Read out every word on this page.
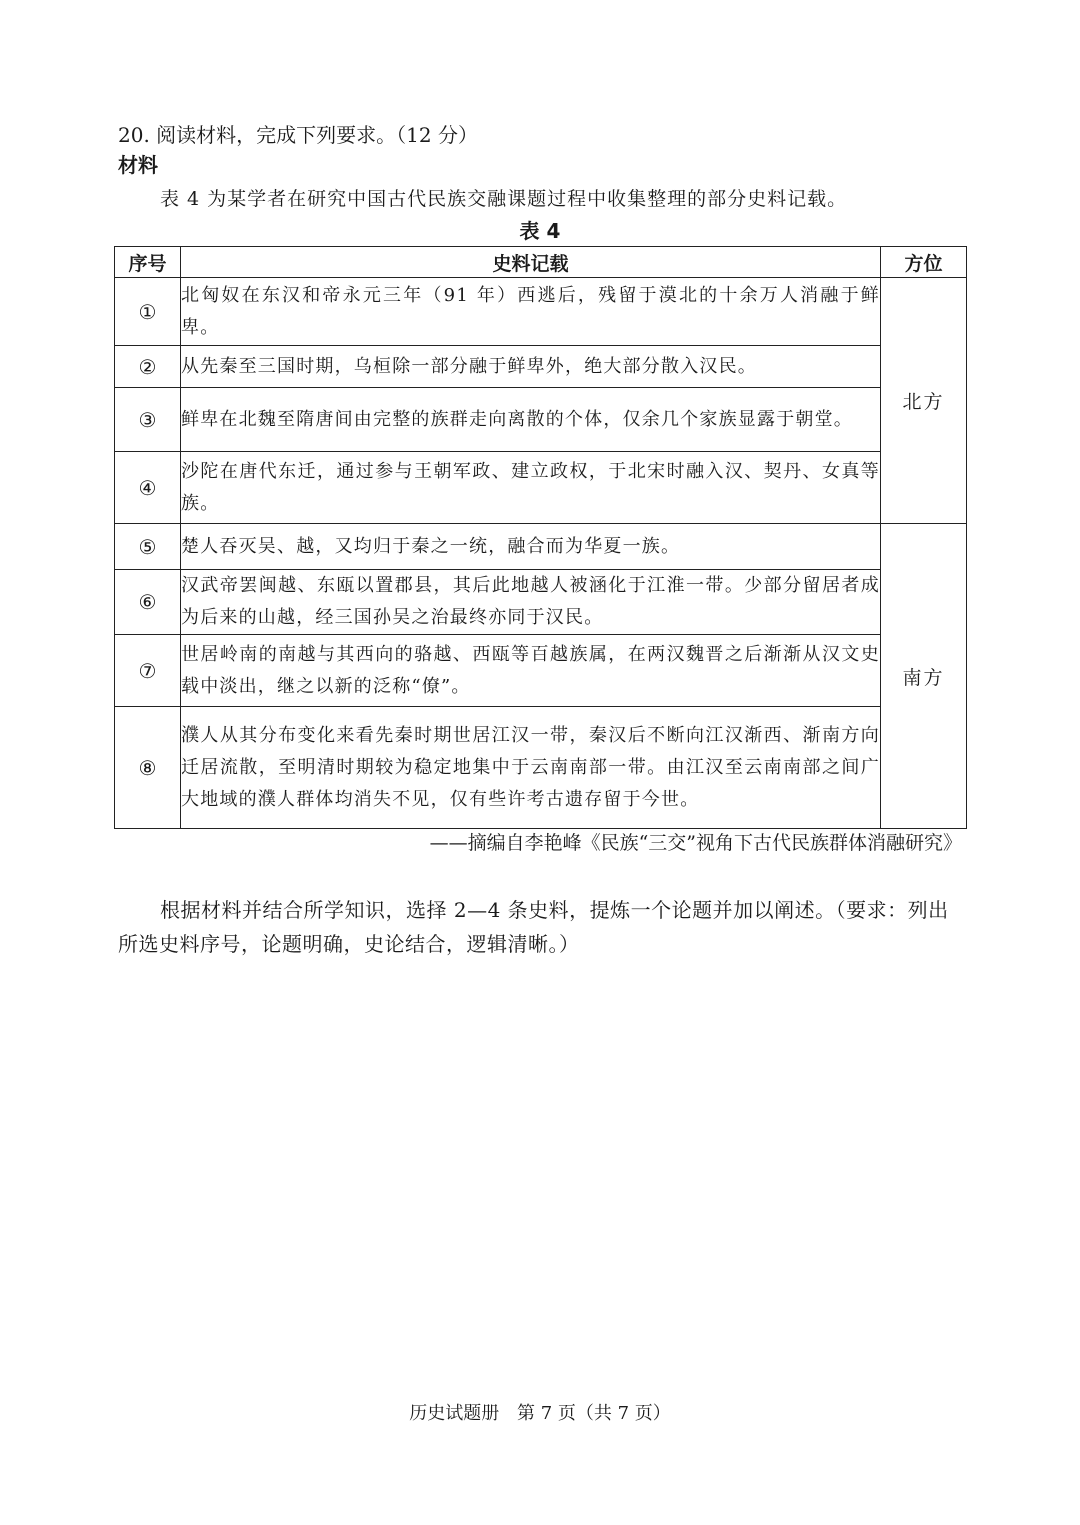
20. 阅读材料，完成下列要求。（12 分）
材料
表 4 为某学者在研究中国古代民族交融课题过程中收集整理的部分史料记载。
表 4
序号	史料记载	方位
①	北匈奴在东汉和帝永元三年（91 年）西逃后，残留于漠北的十余万人消融于鲜卑。	北方
②	从先秦至三国时期，乌桓除一部分融于鲜卑外，绝大部分散入汉民。	
③	鲜卑在北魏至隋唐间由完整的族群走向离散的个体，仅余几个家族显露于朝堂。	
④	沙陀在唐代东迁，通过参与王朝军政、建立政权，于北宋时融入汉、契丹、女真等族。	
⑤	楚人吞灭吴、越，又均归于秦之一统，融合而为华夏一族。	南方
⑥	汉武帝罢闽越、东瓯以置郡县，其后此地越人被涵化于江淮一带。少部分留居者成为后来的山越，经三国孙吴之治最终亦同于汉民。	
⑦	世居岭南的南越与其西向的骆越、西瓯等百越族属，在两汉魏晋之后渐渐从汉文史载中淡出，继之以新的泛称“僚”。	
⑧	濮人从其分布变化来看先秦时期世居江汉一带，秦汉后不断向江汉渐西、渐南方向迁居流散，至明清时期较为稳定地集中于云南南部一带。由江汉至云南南部之间广大地域的濮人群体均消失不见，仅有些许考古遗存留于今世。	
——摘编自李艳峰《民族“三交”视角下古代民族群体消融研究》
根据材料并结合所学知识，选择 2—4 条史料，提炼一个论题并加以阐述。（要求：列出所选史料序号，论题明确，史论结合，逻辑清晰。）
历史试题册 第 7 页（共 7 页）
